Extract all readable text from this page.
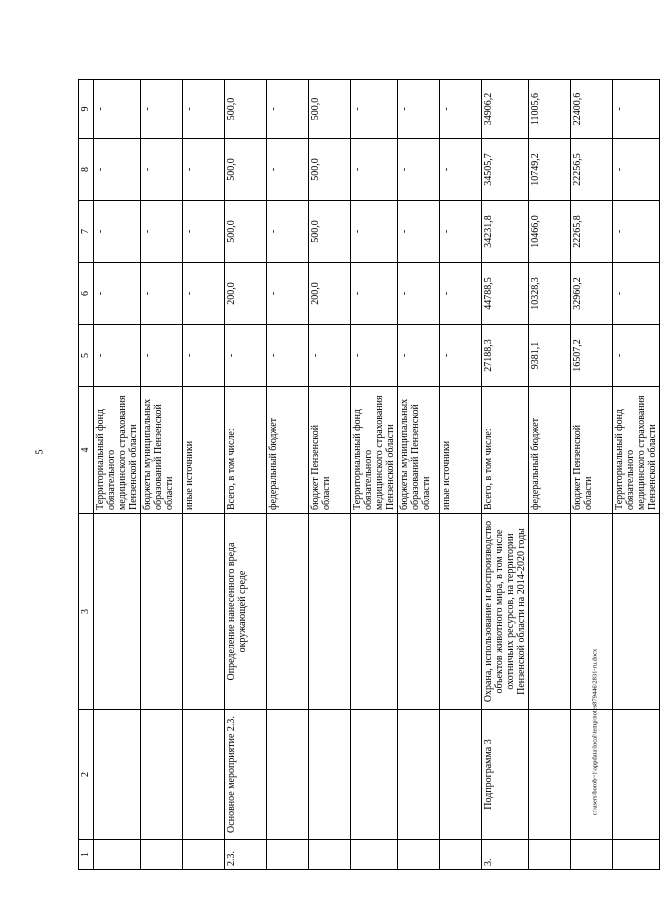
5
1	2	3	4	5	6	7	8	9
			Территориальный фонд обязательного медицинского страхования Пензенской области	-	-	-	-	-
			бюджеты муниципальных образований Пензенской области	-	-	-	-	-
			иные источники	-	-	-	-	-
2.3.	Основное мероприятие 2.3.	Определение нанесенного вреда окружающей среде	Всего, в том числе:	-	200,0	500,0	500,0	500,0
			федеральный бюджет	-	-	-	-	-
			бюджет Пензенской области	-	200,0	500,0	500,0	500,0
			Территориальный фонд обязательного медицинского страхования Пензенской области	-	-	-	-	-
			бюджеты муниципальных образований Пензенской области	-	-	-	-	-
			иные источники	-	-	-	-	-
3.	Подпрограмма 3	Охрана, использование и воспроизводство объектов животного мира, в том числе охотничьих ресурсов, на территории Пензенской области на 2014-2020 годы	Всего, в том числе:	27188,3	44788,5	34231,8	34505,7	34906,2
			федеральный бюджет	9381,1	10328,3	10466,0	10749,2	11005,6
			бюджет Пензенской области	16507,2	32960,2	22265,8	22256,5	22400,6
			Территориальный фонд обязательного медицинского страхования Пензенской области	-	-	-	-	-
c:\users\borob~1\appdata\local\temp\notes879446\2831-ru.docx
